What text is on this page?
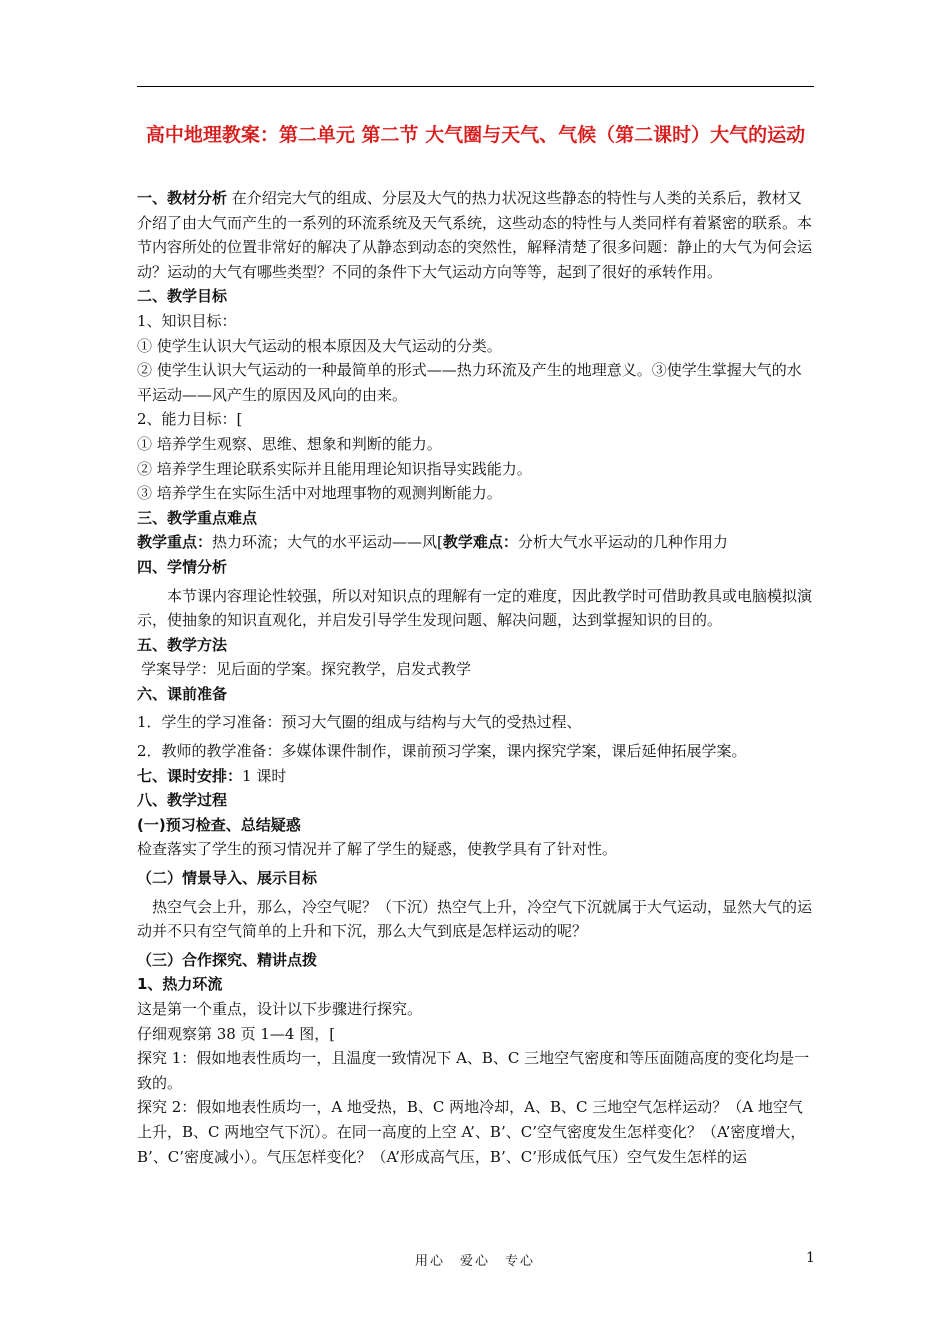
高中地理教案：第二单元 第二节 大气圈与天气、气候（第二课时）大气的运动

一、教材分析 在介绍完大气的组成、分层及大气的热力状况这些静态的特性与人类的关系后，教材又介绍了由大气而产生的一系列的环流系统及天气系统，这些动态的特性与人类同样有着紧密的联系。本节内容所处的位置非常好的解决了从静态到动态的突然性，解释清楚了很多问题：静止的大气为何会运动？运动的大气有哪些类型？不同的条件下大气运动方向等等，起到了很好的承转作用。

二、教学目标

1、知识目标：

① 使学生认识大气运动的根本原因及大气运动的分类。

② 使学生认识大气运动的一种最简单的形式——热力环流及产生的地理意义。③使学生掌握大气的水平运动——风产生的原因及风向的由来。

2、能力目标：[

① 培养学生观察、思维、想象和判断的能力。

② 培养学生理论联系实际并且能用理论知识指导实践能力。

③ 培养学生在实际生活中对地理事物的观测判断能力。

三、教学重点难点

教学重点：热力环流；大气的水平运动——风[教学难点：分析大气水平运动的几种作用力

四、学情分析

本节课内容理论性较强，所以对知识点的理解有一定的难度，因此教学时可借助教具或电脑模拟演示，使抽象的知识直观化，并启发引导学生发现问题、解决问题，达到掌握知识的目的。

五、教学方法

学案导学：见后面的学案。探究教学，启发式教学

六、课前准备

1．学生的学习准备：预习大气圈的组成与结构与大气的受热过程、

2．教师的教学准备：多媒体课件制作，课前预习学案，课内探究学案，课后延伸拓展学案。

七、课时安排：1 课时

八、教学过程

(一)预习检查、总结疑惑

检查落实了学生的预习情况并了解了学生的疑惑，使教学具有了针对性。

（二）情景导入、展示目标

热空气会上升，那么，冷空气呢？（下沉）热空气上升，冷空气下沉就属于大气运动，显然大气的运动并不只有空气简单的上升和下沉，那么大气到底是怎样运动的呢？

（三）合作探究、精讲点拨

1、热力环流

这是第一个重点，设计以下步骤进行探究。

仔细观察第 38 页 1—4 图，[

探究 1：假如地表性质均一，且温度一致情况下 A、B、C 三地空气密度和等压面随高度的变化均是一致的。

探究 2：假如地表性质均一，A 地受热，B、C 两地冷却，A、B、C 三地空气怎样运动？（A 地空气上升，B、C 两地空气下沉）。在同一高度的上空 A’、B’、C’空气密度发生怎样变化？（A’密度增大，B’、C’密度减小）。气压怎样变化？（A’形成高气压，B’、C’形成低气压）空气发生怎样的运

用心　爱心　专心	1
